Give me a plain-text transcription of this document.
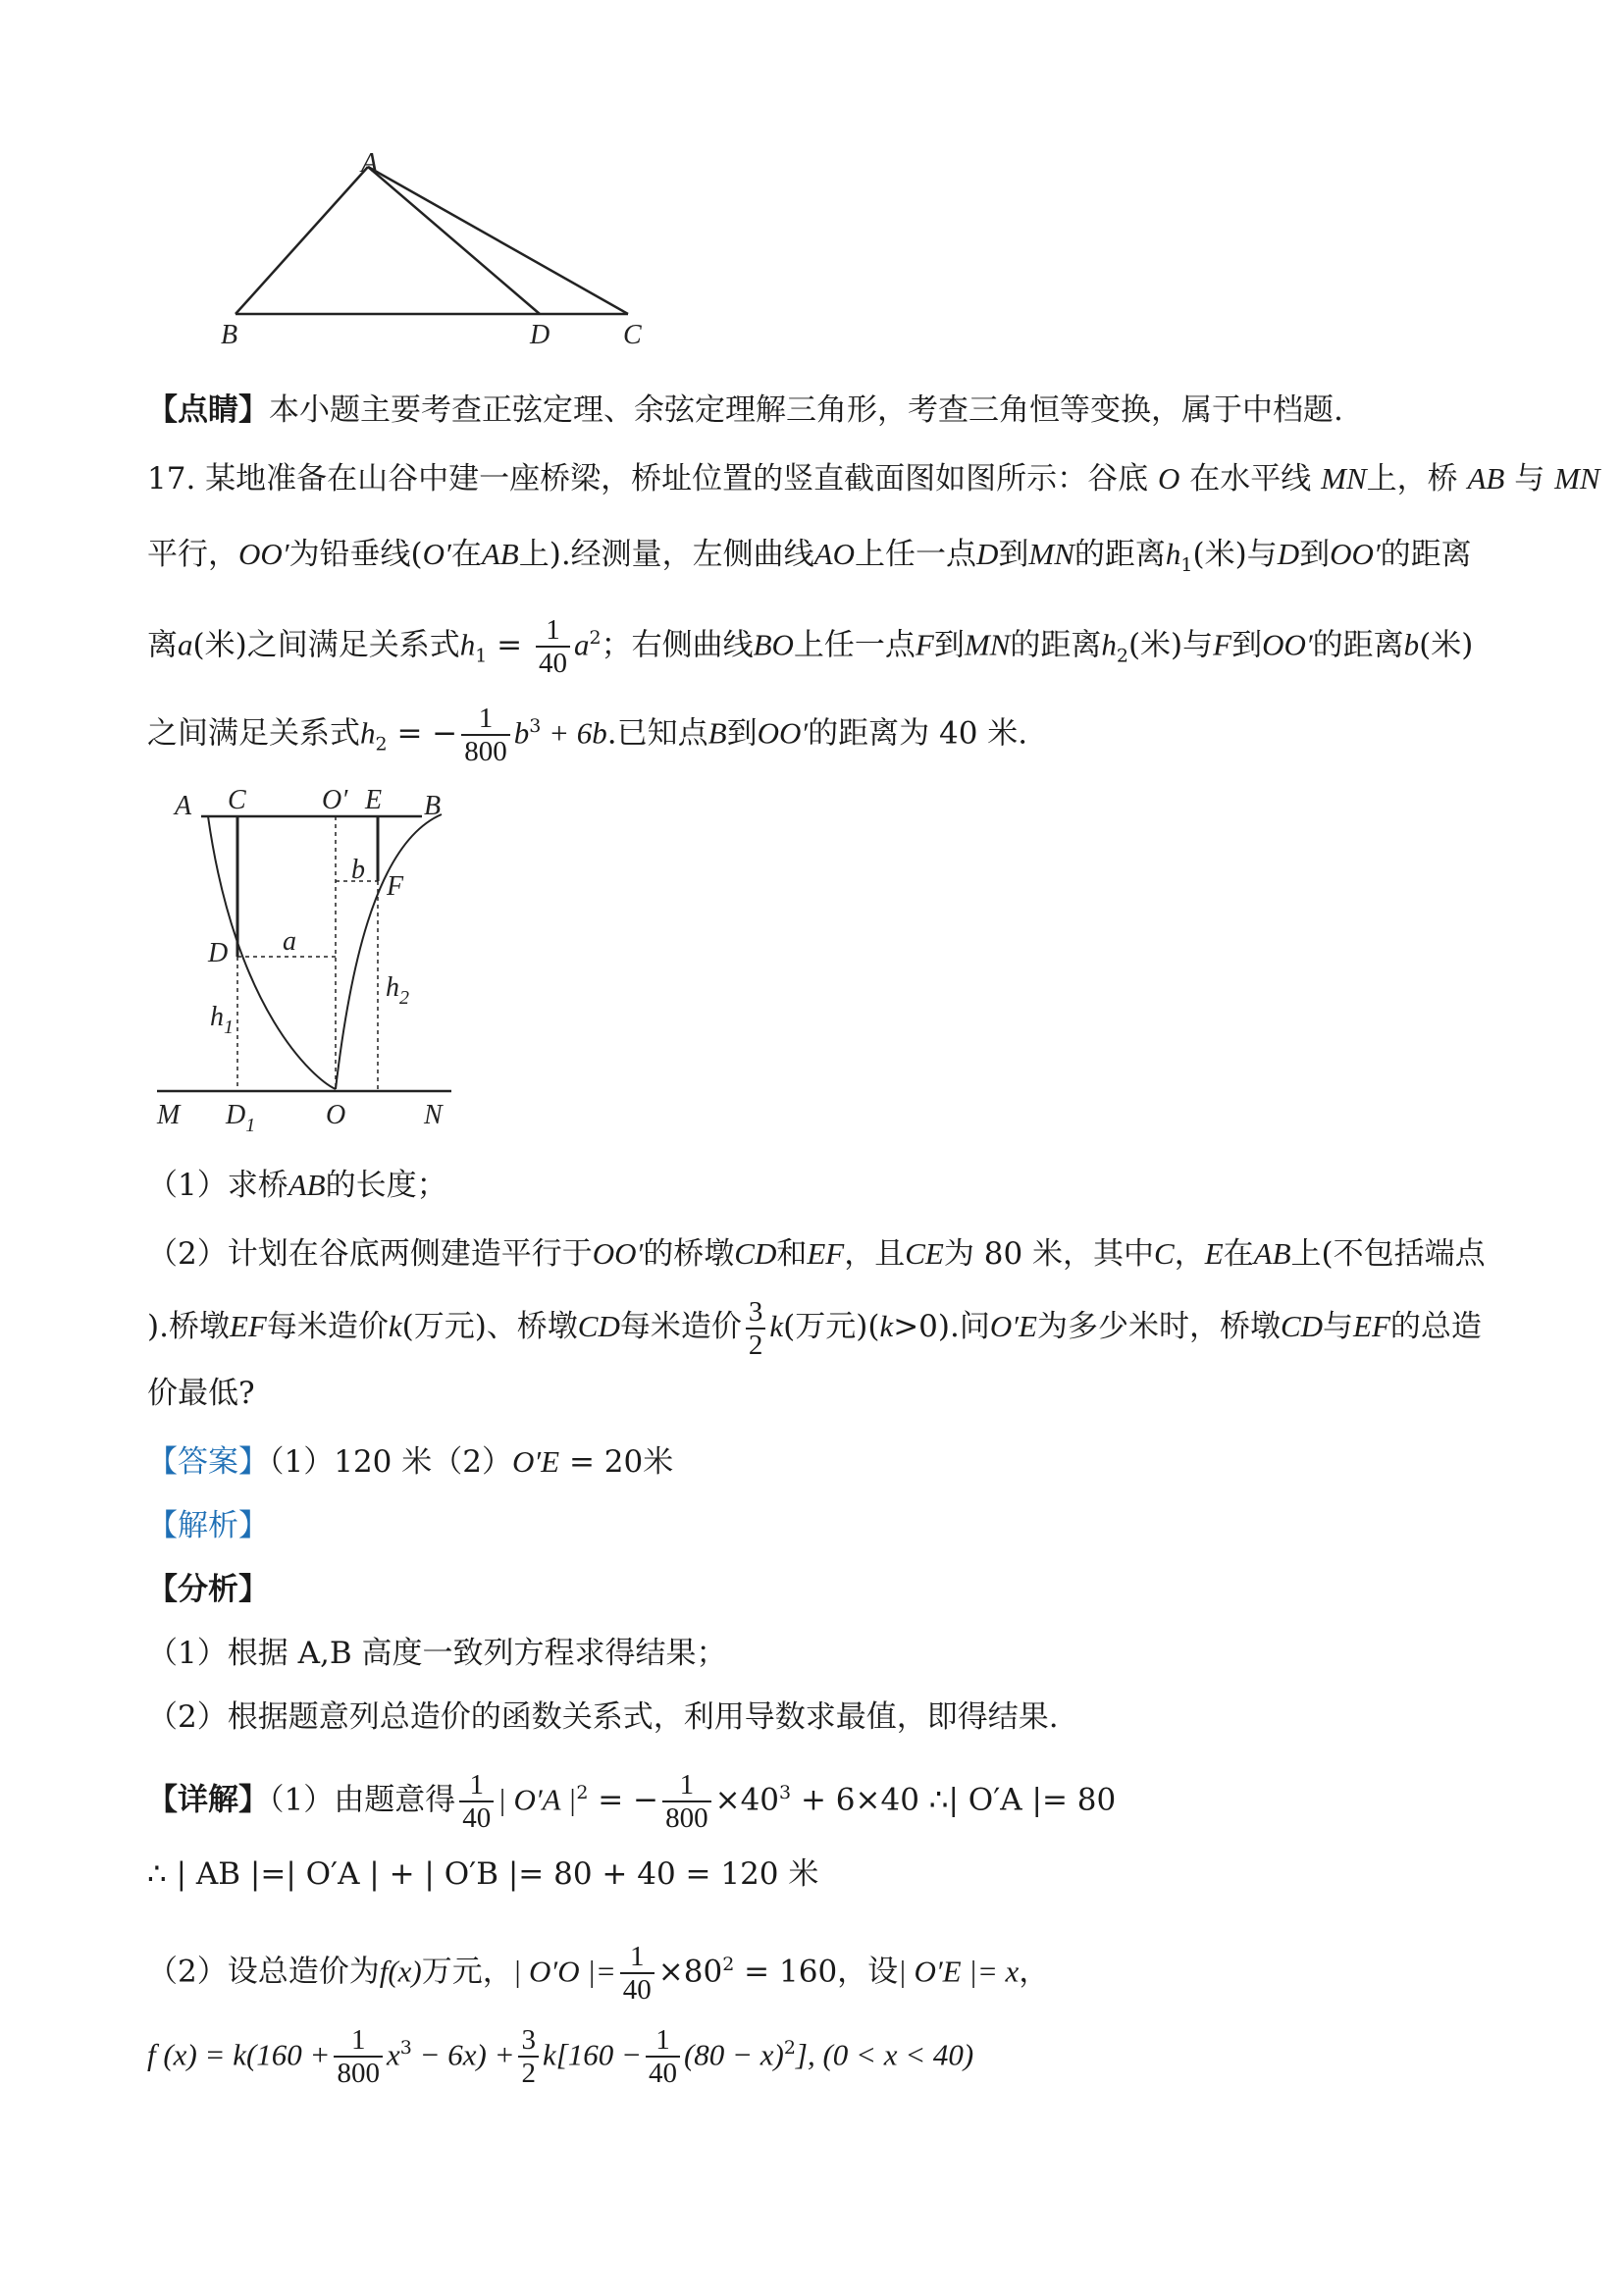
A
B	D	C
【点睛】本小题主要考查正弦定理、余弦定理解三角形，考查三角恒等变换，属于中档题.
17. 某地准备在山谷中建一座桥梁，桥址位置的竖直截面图如图所示：谷底 O 在水平线 MN上，桥 AB 与 MN
平行，OO′为铅垂线(O′在AB上).经测量，左侧曲线AO上任一点D到MN的距离$h_1$(米)与D到OO′的距离
离a(米)之间满足关系式$h_1 = \frac{1}{40} a^2$；右侧曲线BO上任一点F到MN的距离$h_2$(米)与F到OO′的距离b(米)
之间满足关系式$h_2$ = − $\frac{1}{800} b^3 + 6b$.已知点B到OO′的距离为 40 米.
A C	O′ E B
b
F
D a
$h_1$
$h_2$
M $D_1$	O	N
（1）求桥AB的长度；
（2）计划在谷底两侧建造平行于OO′的桥墩CD和EF，且CE为 80 米，其中C，E在AB上(不包括端点
).桥墩EF每米造价k(万元)、桥墩CD每米造价 $\frac{3}{2} k$(万元)(k>0).问O′E为多少米时，桥墩CD与EF的总造
价最低?
【答案】（1）120 米（2）O′E = 20米
【解析】
【分析】
（1）根据 A,B 高度一致列方程求得结果；
（2）根据题意列总造价的函数关系式，利用导数求最值，即得结果.
【详解】（1）由题意得 $\frac{1}{40}$ | O′A $|^2$ = − $\frac{1}{800} \times 40^3 + 6\times 40$ ∴| O′A |= 80
∴ | AB |=| O′A | + | O′B |= 80 + 40 = 120 米
（2）设总造价为f(x)万元，| O′O |= $\frac{1}{40} \times 80^2 = 160$，设| O′E |= x，
f $(x) = k(160 + \frac{1}{800} x^3 - 6x) + \frac{3}{2} k[160 - \frac{1}{40} (80 - x)^2]$, (0 < x < 40)
